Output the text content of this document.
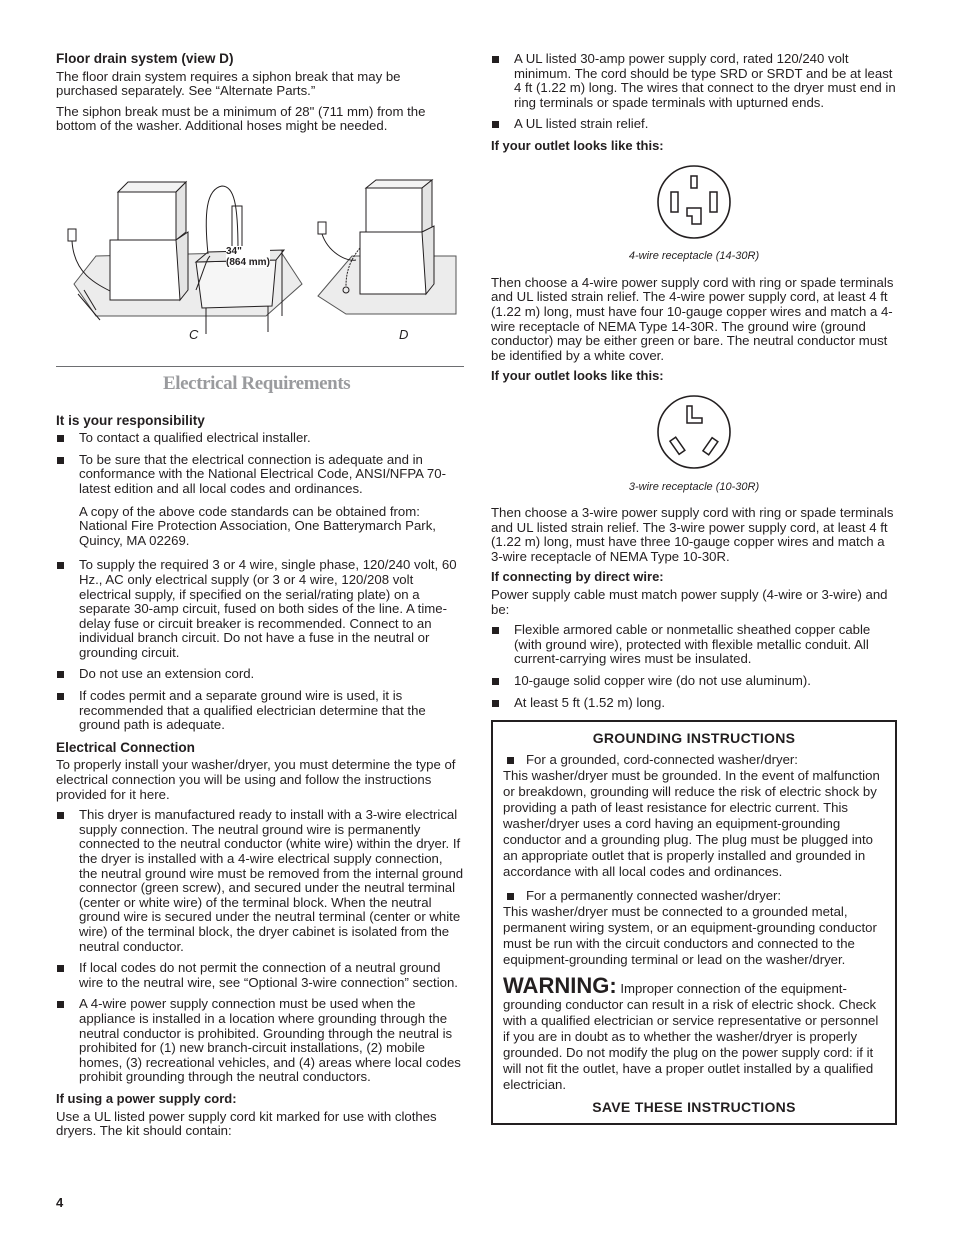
Floor drain system (view D)

The floor drain system requires a siphon break that may be purchased separately. See “Alternate Parts.”

The siphon break must be a minimum of 28" (711 mm) from the bottom of the washer. Additional hoses might be needed.

34"
(864 mm)
C	D
Electrical Requirements
It is your responsibility
To contact a qualified electrical installer.
To be sure that the electrical connection is adequate and in conformance with the National Electrical Code, ANSI/NFPA 70-latest edition and all local codes and ordinances.

A copy of the above code standards can be obtained from: National Fire Protection Association, One Batterymarch Park, Quincy, MA 02269.

To supply the required 3 or 4 wire, single phase, 120/240 volt, 60 Hz., AC only electrical supply (or 3 or 4 wire, 120/208 volt electrical supply, if specified on the serial/rating plate) on a separate 30-amp circuit, fused on both sides of the line. A time-delay fuse or circuit breaker is recommended. Connect to an individual branch circuit. Do not have a fuse in the neutral or grounding circuit.
Do not use an extension cord.
If codes permit and a separate ground wire is used, it is recommended that a qualified electrician determine that the ground path is adequate.
Electrical Connection

To properly install your washer/dryer, you must determine the type of electrical connection you will be using and follow the instructions provided for it here.

This dryer is manufactured ready to install with a 3-wire electrical supply connection. The neutral ground wire is permanently connected to the neutral conductor (white wire) within the dryer. If the dryer is installed with a 4-wire electrical supply connection, the neutral ground wire must be removed from the internal ground connector (green screw), and secured under the neutral terminal (center or white wire) of the terminal block. When the neutral ground wire is secured under the neutral terminal (center or white wire) of the terminal block, the dryer cabinet is isolated from the neutral conductor.
If local codes do not permit the connection of a neutral ground wire to the neutral wire, see “Optional 3-wire connection” section.
A 4-wire power supply connection must be used when the appliance is installed in a location where grounding through the neutral conductor is prohibited. Grounding through the neutral is prohibited for (1) new branch-circuit installations, (2) mobile homes, (3) recreational vehicles, and (4) areas where local codes prohibit grounding through the neutral conductors.
If using a power supply cord:

Use a UL listed power supply cord kit marked for use with clothes dryers. The kit should contain:

A UL listed 30-amp power supply cord, rated 120/240 volt minimum. The cord should be type SRD or SRDT and be at least 4 ft (1.22 m) long. The wires that connect to the dryer must end in ring terminals or spade terminals with upturned ends.
A UL listed strain relief.
If your outlet looks like this:
4-wire receptacle (14-30R)

Then choose a 4-wire power supply cord with ring or spade terminals and UL listed strain relief. The 4-wire power supply cord, at least 4 ft (1.22 m) long, must have four 10-gauge copper wires and match a 4-wire receptacle of NEMA Type 14-30R. The ground wire (ground conductor) may be either green or bare. The neutral conductor must be identified by a white cover.

If your outlet looks like this:
3-wire receptacle (10-30R)

Then choose a 3-wire power supply cord with ring or spade terminals and UL listed strain relief. The 3-wire power supply cord, at least 4 ft (1.22 m) long, must have three 10-gauge copper wires and match a 3-wire receptacle of NEMA Type 10-30R.

If connecting by direct wire:

Power supply cable must match power supply (4-wire or 3-wire) and be:

Flexible armored cable or nonmetallic sheathed copper cable (with ground wire), protected with flexible metallic conduit. All current-carrying wires must be insulated.
10-gauge solid copper wire (do not use aluminum).
At least 5 ft (1.52 m) long.
GROUNDING INSTRUCTIONS
For a grounded, cord-connected washer/dryer:

This washer/dryer must be grounded. In the event of malfunction or breakdown, grounding will reduce the risk of electric shock by providing a path of least resistance for electric current. This washer/dryer uses a cord having an equipment-grounding conductor and a grounding plug. The plug must be plugged into an appropriate outlet that is properly installed and grounded in accordance with all local codes and ordinances.

For a permanently connected washer/dryer:

This washer/dryer must be connected to a grounded metal, permanent wiring system, or an equipment-grounding conductor must be run with the circuit conductors and connected to the equipment-grounding terminal or lead on the washer/dryer.

WARNING: Improper connection of the equipment-grounding conductor can result in a risk of electric shock. Check with a qualified electrician or service representative or personnel if you are in doubt as to whether the washer/dryer is properly grounded. Do not modify the plug on the power supply cord: if it will not fit the outlet, have a proper outlet installed by a qualified electrician.

SAVE THESE INSTRUCTIONS
4
